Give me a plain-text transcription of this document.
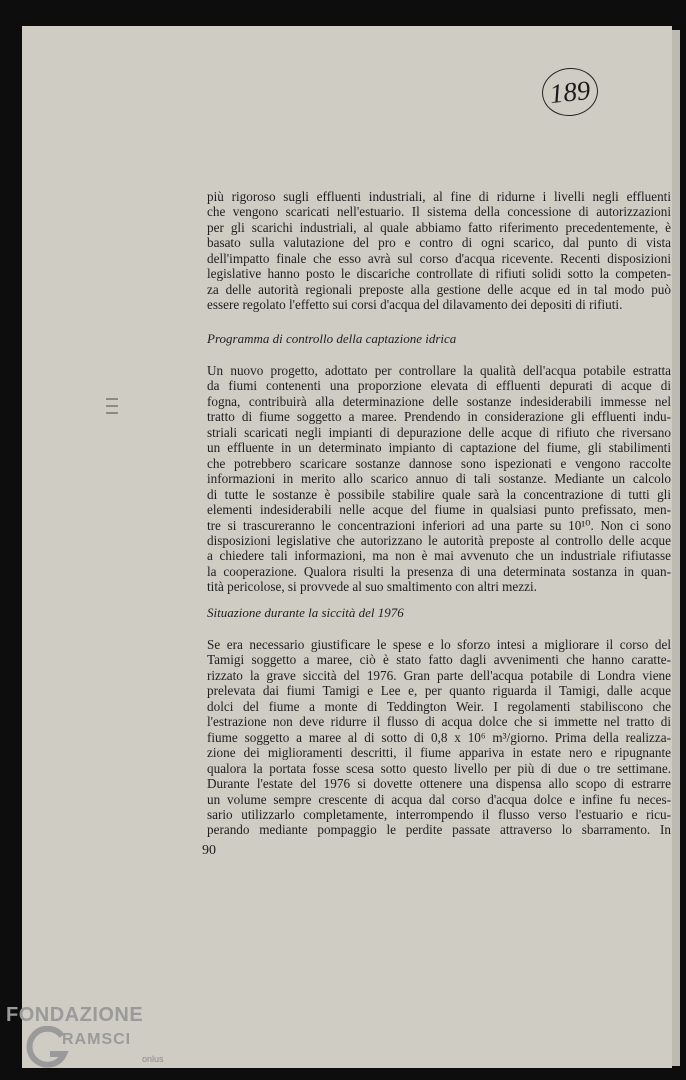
189

più rigoroso sugli effluenti industriali, al fine di ridurne i livelli negli effluenti
che vengono scaricati nell'estuario. Il sistema della concessione di autorizzazioni
per gli scarichi industriali, al quale abbiamo fatto riferimento precedentemente, è
basato sulla valutazione del pro e contro di ogni scarico, dal punto di vista
dell'impatto finale che esso avrà sul corso d'acqua ricevente. Recenti disposizioni
legislative hanno posto le discariche controllate di rifiuti solidi sotto la competen-
za delle autorità regionali preposte alla gestione delle acque ed in tal modo può
essere regolato l'effetto sui corsi d'acqua del dilavamento dei depositi di rifiuti.

Programma di controllo della captazione idrica

Un nuovo progetto, adottato per controllare la qualità dell'acqua potabile estratta
da fiumi contenenti una proporzione elevata di effluenti depurati di acque di
fogna, contribuirà alla determinazione delle sostanze indesiderabili immesse nel
tratto di fiume soggetto a maree. Prendendo in considerazione gli effluenti indu-
striali scaricati negli impianti di depurazione delle acque di rifiuto che riversano
un effluente in un determinato impianto di captazione del fiume, gli stabilimenti
che potrebbero scaricare sostanze dannose sono ispezionati e vengono raccolte
informazioni in merito allo scarico annuo di tali sostanze. Mediante un calcolo
di tutte le sostanze è possibile stabilire quale sarà la concentrazione di tutti gli
elementi indesiderabili nelle acque del fiume in qualsiasi punto prefissato, men-
tre si trascureranno le concentrazioni inferiori ad una parte su 10¹⁰. Non ci sono
disposizioni legislative che autorizzano le autorità preposte al controllo delle acque
a chiedere tali informazioni, ma non è mai avvenuto che un industriale rifiutasse
la cooperazione. Qualora risulti la presenza di una determinata sostanza in quan-
tità pericolose, si provvede al suo smaltimento con altri mezzi.

Situazione durante la siccità del 1976

Se era necessario giustificare le spese e lo sforzo intesi a migliorare il corso del
Tamigi soggetto a maree, ciò è stato fatto dagli avvenimenti che hanno caratte-
rizzato la grave siccità del 1976. Gran parte dell'acqua potabile di Londra viene
prelevata dai fiumi Tamigi e Lee e, per quanto riguarda il Tamigi, dalle acque
dolci del fiume a monte di Teddington Weir. I regolamenti stabiliscono che
l'estrazione non deve ridurre il flusso di acqua dolce che si immette nel tratto di
fiume soggetto a maree al di sotto di 0,8 x 10⁶ m³/giorno. Prima della realizza-
zione dei miglioramenti descritti, il fiume appariva in estate nero e ripugnante
qualora la portata fosse scesa sotto questo livello per più di due o tre settimane.
Durante l'estate del 1976 si dovette ottenere una dispensa allo scopo di estrarre
un volume sempre crescente di acqua dal corso d'acqua dolce e infine fu neces-
sario utilizzarlo completamente, interrompendo il flusso verso l'estuario e ricu-
perando mediante pompaggio le perdite passate attraverso lo sbarramento. In

90
FONDAZIONE
RAMSCI
onlus
